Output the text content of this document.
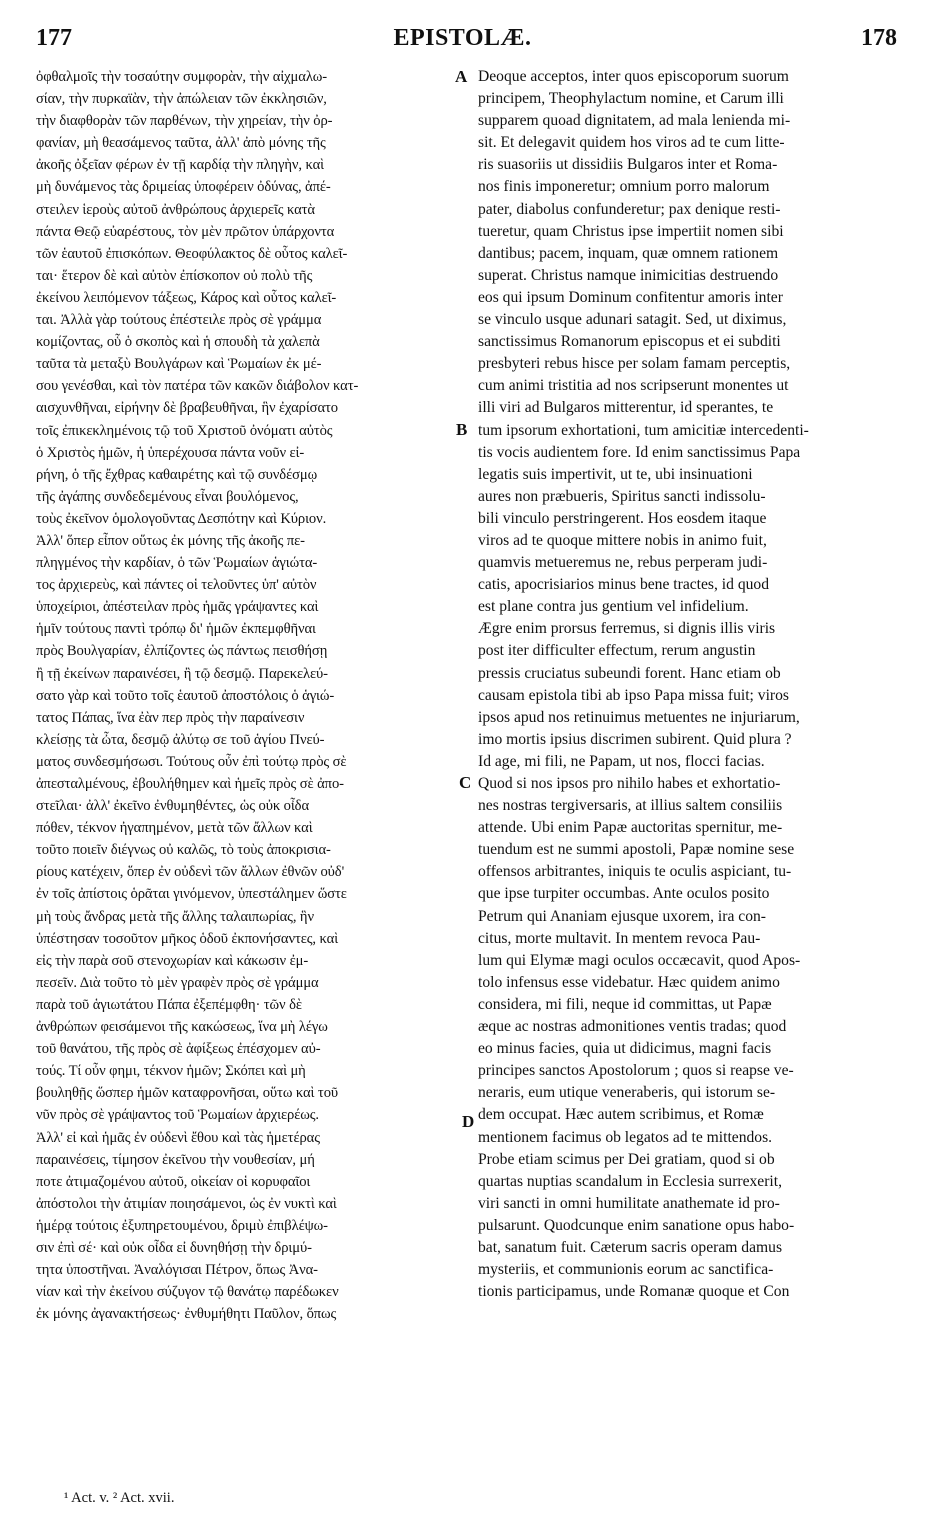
177	EPISTOLÆ.	178
ὀφθαλμοῖς τὴν τοσαύτην συμφορὰν, τὴν αἰχμαλω-
σίαν, τὴν πυρκαϊὰν, τὴν ἀπώλειαν τῶν ἐκκλησιῶν,
τὴν διαφθορὰν τῶν παρθένων, τὴν χηρείαν, τὴν ὀρ-
φανίαν, μὴ θεασάμενος ταῦτα, ἀλλ' ἀπὸ μόνης τῆς
ἀκοῆς ὀξεῖαν φέρων ἐν τῇ καρδίᾳ τὴν πληγὴν, καὶ
μὴ δυνάμενος τὰς δριμείας ὑποφέρειν ὀδύνας, ἀπέ-
στειλεν ἱεροὺς αὐτοῦ ἀνθρώπους ἀρχιερεῖς κατὰ
πάντα Θεῷ εὐαρέστους, τὸν μὲν πρῶτον ὑπάρχοντα
τῶν ἑαυτοῦ ἐπισκόπων. Θεοφύλακτος δὲ οὗτος καλεῖ-
ται· ἕτερον δὲ καὶ αὐτὸν ἐπίσκοπον οὐ πολὺ τῆς
ἐκείνου λειπόμενον τάξεως, Κάρος καὶ οὗτος καλεῖ-
ται. Ἀλλὰ γὰρ τούτους ἐπέστειλε πρὸς σὲ γράμμα
κομίζοντας, οὗ ὁ σκοπὸς καὶ ἡ σπουδὴ τὰ χαλεπὰ
ταῦτα τὰ μεταξὺ Βουλγάρων καὶ Ῥωμαίων ἐκ μέ-
σου γενέσθαι, καὶ τὸν πατέρα τῶν κακῶν διάβολον κατ-
αισχυνθῆναι, εἰρήνην δὲ βραβευθῆναι, ἣν ἐχαρίσατο
τοῖς ἐπικεκλημένοις τῷ τοῦ Χριστοῦ ὀνόματι αὐτὸς
ὁ Χριστὸς ἡμῶν, ἡ ὑπερέχουσα πάντα νοῦν εἰ-
ρήνη, ὁ τῆς ἔχθρας καθαιρέτης καὶ τῷ συνδέσμῳ
τῆς ἀγάπης συνδεδεμένους εἶναι βουλόμενος,
τοὺς ἐκεῖνον ὁμολογοῦντας Δεσπότην καὶ Κύριον.
Ἀλλ' ὅπερ εἶπον οὕτως ἐκ μόνης τῆς ἀκοῆς πε-
πληγμένος τὴν καρδίαν, ὁ τῶν Ῥωμαίων ἁγιώτα-
τος ἀρχιερεὺς, καὶ πάντες οἱ τελοῦντες ὑπ' αὐτὸν
ὑποχείριοι, ἀπέστειλαν πρὸς ἡμᾶς γράψαντες καὶ
ἡμῖν τούτους παντὶ τρόπῳ δι' ἡμῶν ἐκπεμφθῆναι
πρὸς Βουλγαρίαν, ἐλπίζοντες ὡς πάντως πεισθήσῃ
ἢ τῇ ἐκείνων παραινέσει, ἢ τῷ δεσμῷ. Παρεκελεύ-
σατο γὰρ καὶ τοῦτο τοῖς ἑαυτοῦ ἀποστόλοις ὁ ἁγιώ-
τατος Πάπας, ἵνα ἐὰν περ πρὸς τὴν παραίνεσιν
κλείσῃς τὰ ὦτα, δεσμῷ ἀλύτῳ σε τοῦ ἁγίου Πνεύ-
ματος συνδεσμήσωσι. Τούτους οὖν ἐπὶ τούτῳ πρὸς σὲ
ἀπεσταλμένους, ἐβουλήθημεν καὶ ἡμεῖς πρὸς σὲ ἀπο-
στεῖλαι· ἀλλ' ἐκεῖνο ἐνθυμηθέντες, ὡς οὐκ οἶδα
πόθεν, τέκνον ἠγαπημένον, μετὰ τῶν ἄλλων καὶ
τοῦτο ποιεῖν διέγνως οὐ καλῶς, τὸ τοὺς ἀποκρισια-
ρίους κατέχειν, ὅπερ ἐν οὐδενὶ τῶν ἄλλων ἐθνῶν οὐδ'
ἐν τοῖς ἀπίστοις ὁρᾶται γινόμενον, ὑπεστάλημεν ὥστε
μὴ τοὺς ἄνδρας μετὰ τῆς ἄλλης ταλαιπωρίας, ἣν
ὑπέστησαν τοσοῦτον μῆκος ὁδοῦ ἐκπονήσαντες, καὶ
εἰς τὴν παρὰ σοῦ στενοχωρίαν καὶ κάκωσιν ἐμ-
πεσεῖν. Διὰ τοῦτο τὸ μὲν γραφὲν πρὸς σὲ γράμμα
παρὰ τοῦ ἁγιωτάτου Πάπα ἐξεπέμφθη· τῶν δὲ
ἀνθρώπων φεισάμενοι τῆς κακώσεως, ἵνα μὴ λέγω
τοῦ θανάτου, τῆς πρὸς σὲ ἀφίξεως ἐπέσχομεν αὐ-
τούς. Τί οὖν φημι, τέκνον ἡμῶν; Σκόπει καὶ μὴ
βουληθῇς ὥσπερ ἡμῶν καταφρονῆσαι, οὕτω καὶ τοῦ
νῦν πρὸς σὲ γράψαντος τοῦ Ῥωμαίων ἀρχιερέως.
Ἀλλ' εἰ καὶ ἡμᾶς ἐν οὐδενὶ ἔθου καὶ τὰς ἡμετέρας
παραινέσεις, τίμησον ἐκεῖνου τὴν νουθεσίαν, μή
ποτε ἀτιμαζομένου αὐτοῦ, οἰκείαν οἱ κορυφαῖοι
ἀπόστολοι τὴν ἀτιμίαν ποιησάμενοι, ὡς ἐν νυκτὶ καὶ
ἡμέρᾳ τούτοις ἐξυπηρετουμένου, δριμὺ ἐπιβλέψω-
σιν ἐπὶ σέ· καὶ οὐκ οἶδα εἰ δυνηθήσῃ τὴν δριμύ-
τητα ὑποστῆναι. Ἀναλόγισαι Πέτρον, ὅπως Ἀνα-
νίαν καὶ τὴν ἐκείνου σύζυγον τῷ θανάτῳ παρέδωκεν
ἐκ μόνης ἀγανακτήσεως· ἐνθυμήθητι Παῦλον, ὅπως
A
B
C
D
Deoque acceptos, inter quos episcoporum suorum
principem, Theophylactum nomine, et Carum illi
supparem quoad dignitatem, ad mala lenienda mi-
sit. Et delegavit quidem hos viros ad te cum litte-
ris suasoriis ut dissidiis Bulgaros inter et Roma-
nos finis imponeretur; omnium porro malorum
pater, diabolus confunderetur; pax denique resti-
tueretur, quam Christus ipse impertiit nomen sibi
dantibus; pacem, inquam, quæ omnem rationem
superat. Christus namque inimicitias destruendo
eos qui ipsum Dominum confitentur amoris inter
se vinculo usque adunari satagit. Sed, ut diximus,
sanctissimus Romanorum episcopus et ei subditi
presbyteri rebus hisce per solam famam perceptis,
cum animi tristitia ad nos scripserunt monentes ut
illi viri ad Bulgaros mitterentur, id sperantes, te
tum ipsorum exhortationi, tum amicitiæ intercedenti-
tis vocis audientem fore. Id enim sanctissimus Papa
legatis suis impertivit, ut te, ubi insinuationi
aures non præbueris, Spiritus sancti indissolu-
bili vinculo perstringerent. Hos eosdem itaque
viros ad te quoque mittere nobis in animo fuit,
quamvis metueremus ne, rebus perperam judi-
catis, apocrisiarios minus bene tractes, id quod
est plane contra jus gentium vel infidelium.
Ægre enim prorsus ferremus, si dignis illis viris
post iter difficulter effectum, rerum angustin
pressis cruciatus subeundi forent. Hanc etiam ob
causam epistola tibi ab ipso Papa missa fuit; viros
ipsos apud nos retinuimus metuentes ne injuriarum,
imo mortis ipsius discrimen subirent. Quid plura ?
Id age, mi fili, ne Papam, ut nos, flocci facias.
Quod si nos ipsos pro nihilo habes et exhortatio-
nes nostras tergiversaris, at illius saltem consiliis
attende. Ubi enim Papæ auctoritas spernitur, me-
tuendum est ne summi apostoli, Papæ nomine sese
offensos arbitrantes, iniquis te oculis aspiciant, tu-
que ipse turpiter occumbas. Ante oculos posito
Petrum qui Ananiam ejusque uxorem, ira con-
citus, morte multavit. In mentem revoca Pau-
lum qui Elymæ magi oculos occæcavit, quod Apos-
tolo infensus esse videbatur. Hæc quidem animo
considera, mi fili, neque id committas, ut Papæ
æque ac nostras admonitiones ventis tradas; quod
eo minus facies, quia ut didicimus, magni facis
principes sanctos Apostolorum ; quos si reapse ve-
neraris, eum utique veneraberis, qui istorum se-
dem occupat. Hæc autem scribimus, et Romæ
mentionem facimus ob legatos ad te mittendos.
Probe etiam scimus per Dei gratiam, quod si ob
quartas nuptias scandalum in Ecclesia surrexerit,
viri sancti in omni humilitate anathemate id pro-
pulsarunt. Quodcunque enim sanatione opus habo-
bat, sanatum fuit. Cæterum sacris operam damus
mysteriis, et communionis eorum ac sanctifica-
tionis participamus, unde Romanæ quoque et Con
¹ Act. v. ² Act. xvii.
